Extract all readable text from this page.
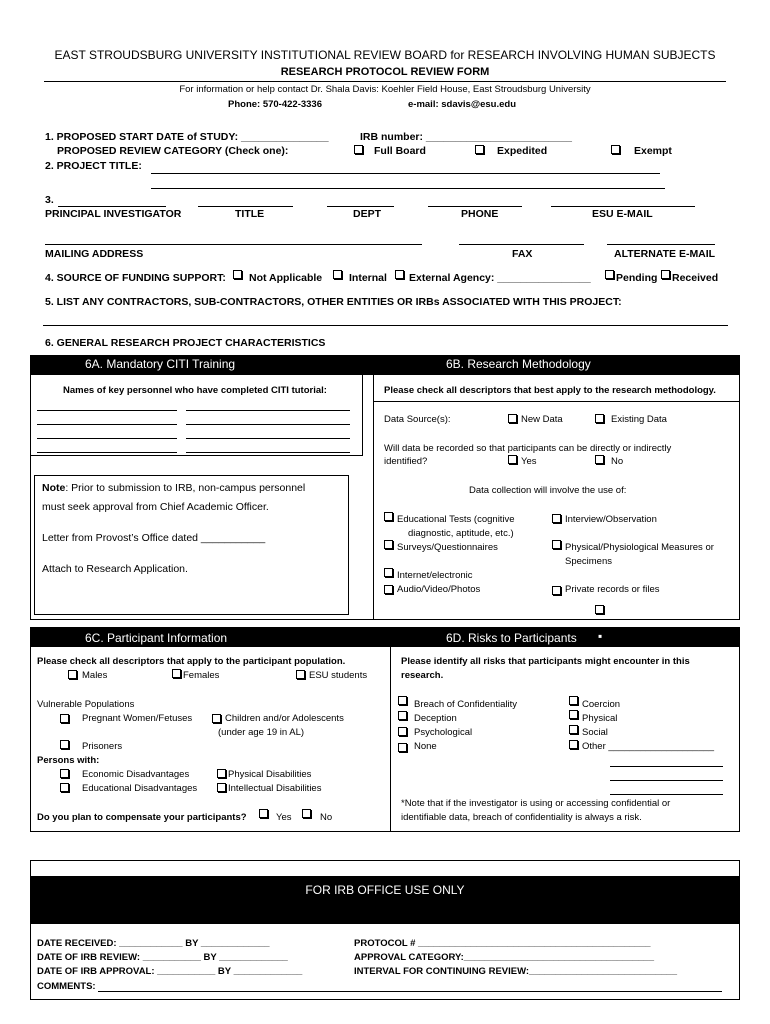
EAST STROUDSBURG UNIVERSITY INSTITUTIONAL REVIEW BOARD for RESEARCH INVOLVING HUMAN SUBJECTS
RESEARCH PROTOCOL REVIEW FORM
For information or help contact Dr. Shala Davis: Koehler Field House, East Stroudsburg University
Phone: 570-422-3336	e-mail: sdavis@esu.edu
1. PROPOSED START DATE of STUDY: _______________	IRB number: _________________________
PROPOSED REVIEW CATEGORY (Check one):	Full Board	Expedited	Exempt
2. PROJECT TITLE:
3.
PRINCIPAL INVESTIGATOR	TITLE	DEPT	PHONE	ESU E-MAIL
MAILING ADDRESS	FAX	ALTERNATE E-MAIL
4. SOURCE OF FUNDING SUPPORT: Not Applicable	Internal External Agency: ________________ Pending Received
5. LIST ANY CONTRACTORS, SUB-CONTRACTORS, OTHER ENTITIES OR IRBs ASSOCIATED WITH THIS PROJECT:
6. GENERAL RESEARCH PROJECT CHARACTERISTICS
6A. Mandatory CITI Training	6B. Research Methodology
Names of key personnel who have completed CITI tutorial:
Note: Prior to submission to IRB, non-campus personnel
must seek approval from Chief Academic Officer.
Letter from Provost’s Office dated ___________
Attach to Research Application.
Please check all descriptors that best apply to the research methodology.
Data Source(s):	New Data	Existing Data
Will data be recorded so that participants can be directly or indirectly
identified?	Yes	No
Data collection will involve the use of:
Educational Tests (cognitive
diagnostic, aptitude, etc.)
Surveys/Questionnaires
Interview/Observation
Physical/Physiological Measures or
Specimens
Internet/electronic
Audio/Video/Photos	Private records or files
6C. Participant Information	6D. Risks to Participants ▪
Please check all descriptors that apply to the participant population.
Males	Females	ESU students
Vulnerable Populations
Pregnant Women/Fetuses	Children and/or Adolescents
(under age 19 in AL)
Prisoners
Persons with:
Economic Disadvantages
Educational Disadvantages
Physical Disabilities
Intellectual Disabilities
Do you plan to compensate your participants?	Yes	No
Please identify all risks that participants might encounter in this
research.
Breach of Confidentiality
Deception
Psychological
None
Coercion
Physical
Social
Other ____________________
*Note that if the investigator is using or accessing confidential or
identifiable data, breach of confidentiality is always a risk.
FOR IRB OFFICE USE ONLY
DATE RECEIVED: ____________ BY _____________
DATE OF IRB REVIEW: ___________ BY _____________
DATE OF IRB APPROVAL: ___________ BY _____________
COMMENTS:
PROTOCOL # ____________________________________________
APPROVAL CATEGORY:____________________________________
INTERVAL FOR CONTINUING REVIEW:____________________________
